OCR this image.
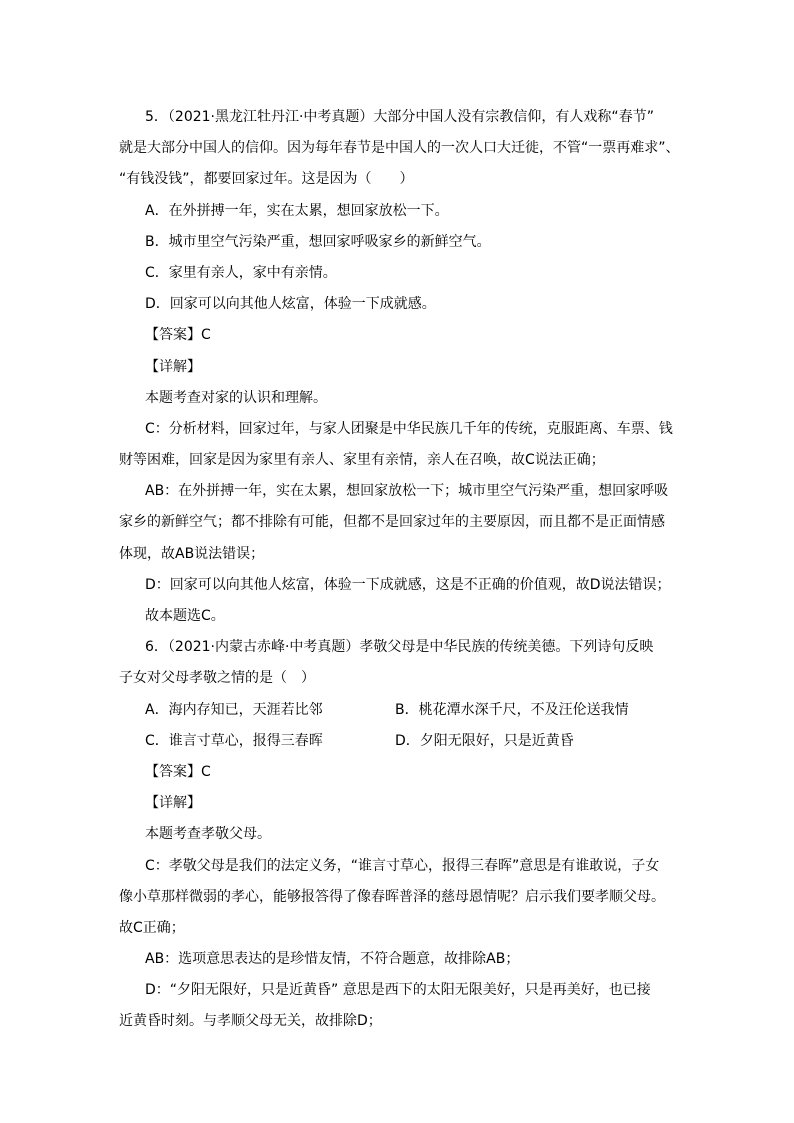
5．（2021·黑龙江牡丹江·中考真题）大部分中国人没有宗教信仰，有人戏称“春节”
就是大部分中国人的信仰。因为每年春节是中国人的一次人口大迁徙，不管“一票再难求”、
“有钱没钱”，都要回家过年。这是因为（　　）
A．在外拼搏一年，实在太累，想回家放松一下。
B．城市里空气污染严重，想回家呼吸家乡的新鲜空气。
C．家里有亲人，家中有亲情。
D．回家可以向其他人炫富，体验一下成就感。
【答案】C
【详解】
本题考查对家的认识和理解。
C：分析材料，回家过年，与家人团聚是中华民族几千年的传统，克服距离、车票、钱
财等困难，回家是因为家里有亲人、家里有亲情，亲人在召唤，故C说法正确；
AB：在外拼搏一年，实在太累，想回家放松一下；城市里空气污染严重，想回家呼吸
家乡的新鲜空气；都不排除有可能，但都不是回家过年的主要原因，而且都不是正面情感
体现，故AB说法错误；
D：回家可以向其他人炫富，体验一下成就感，这是不正确的价值观，故D说法错误；
故本题选C。
6．（2021·内蒙古赤峰·中考真题）孝敬父母是中华民族的传统美德。下列诗句反映
子女对父母孝敬之情的是（　）
A．海内存知已，天涯若比邻	B．桃花潭水深千尺，不及汪伦送我情
C．谁言寸草心，报得三春晖	D．夕阳无限好，只是近黄昏
【答案】C
【详解】
本题考查孝敬父母。
C：孝敬父母是我们的法定义务，“谁言寸草心，报得三春晖”意思是有谁敢说，子女
像小草那样微弱的孝心，能够报答得了像春晖普泽的慈母恩情呢？启示我们要孝顺父母。
故C正确；
AB：选项意思表达的是珍惜友情，不符合题意，故排除AB；
D：“夕阳无限好，只是近黄昏” 意思是西下的太阳无限美好，只是再美好，也已接
近黄昏时刻。与孝顺父母无关，故排除D；
